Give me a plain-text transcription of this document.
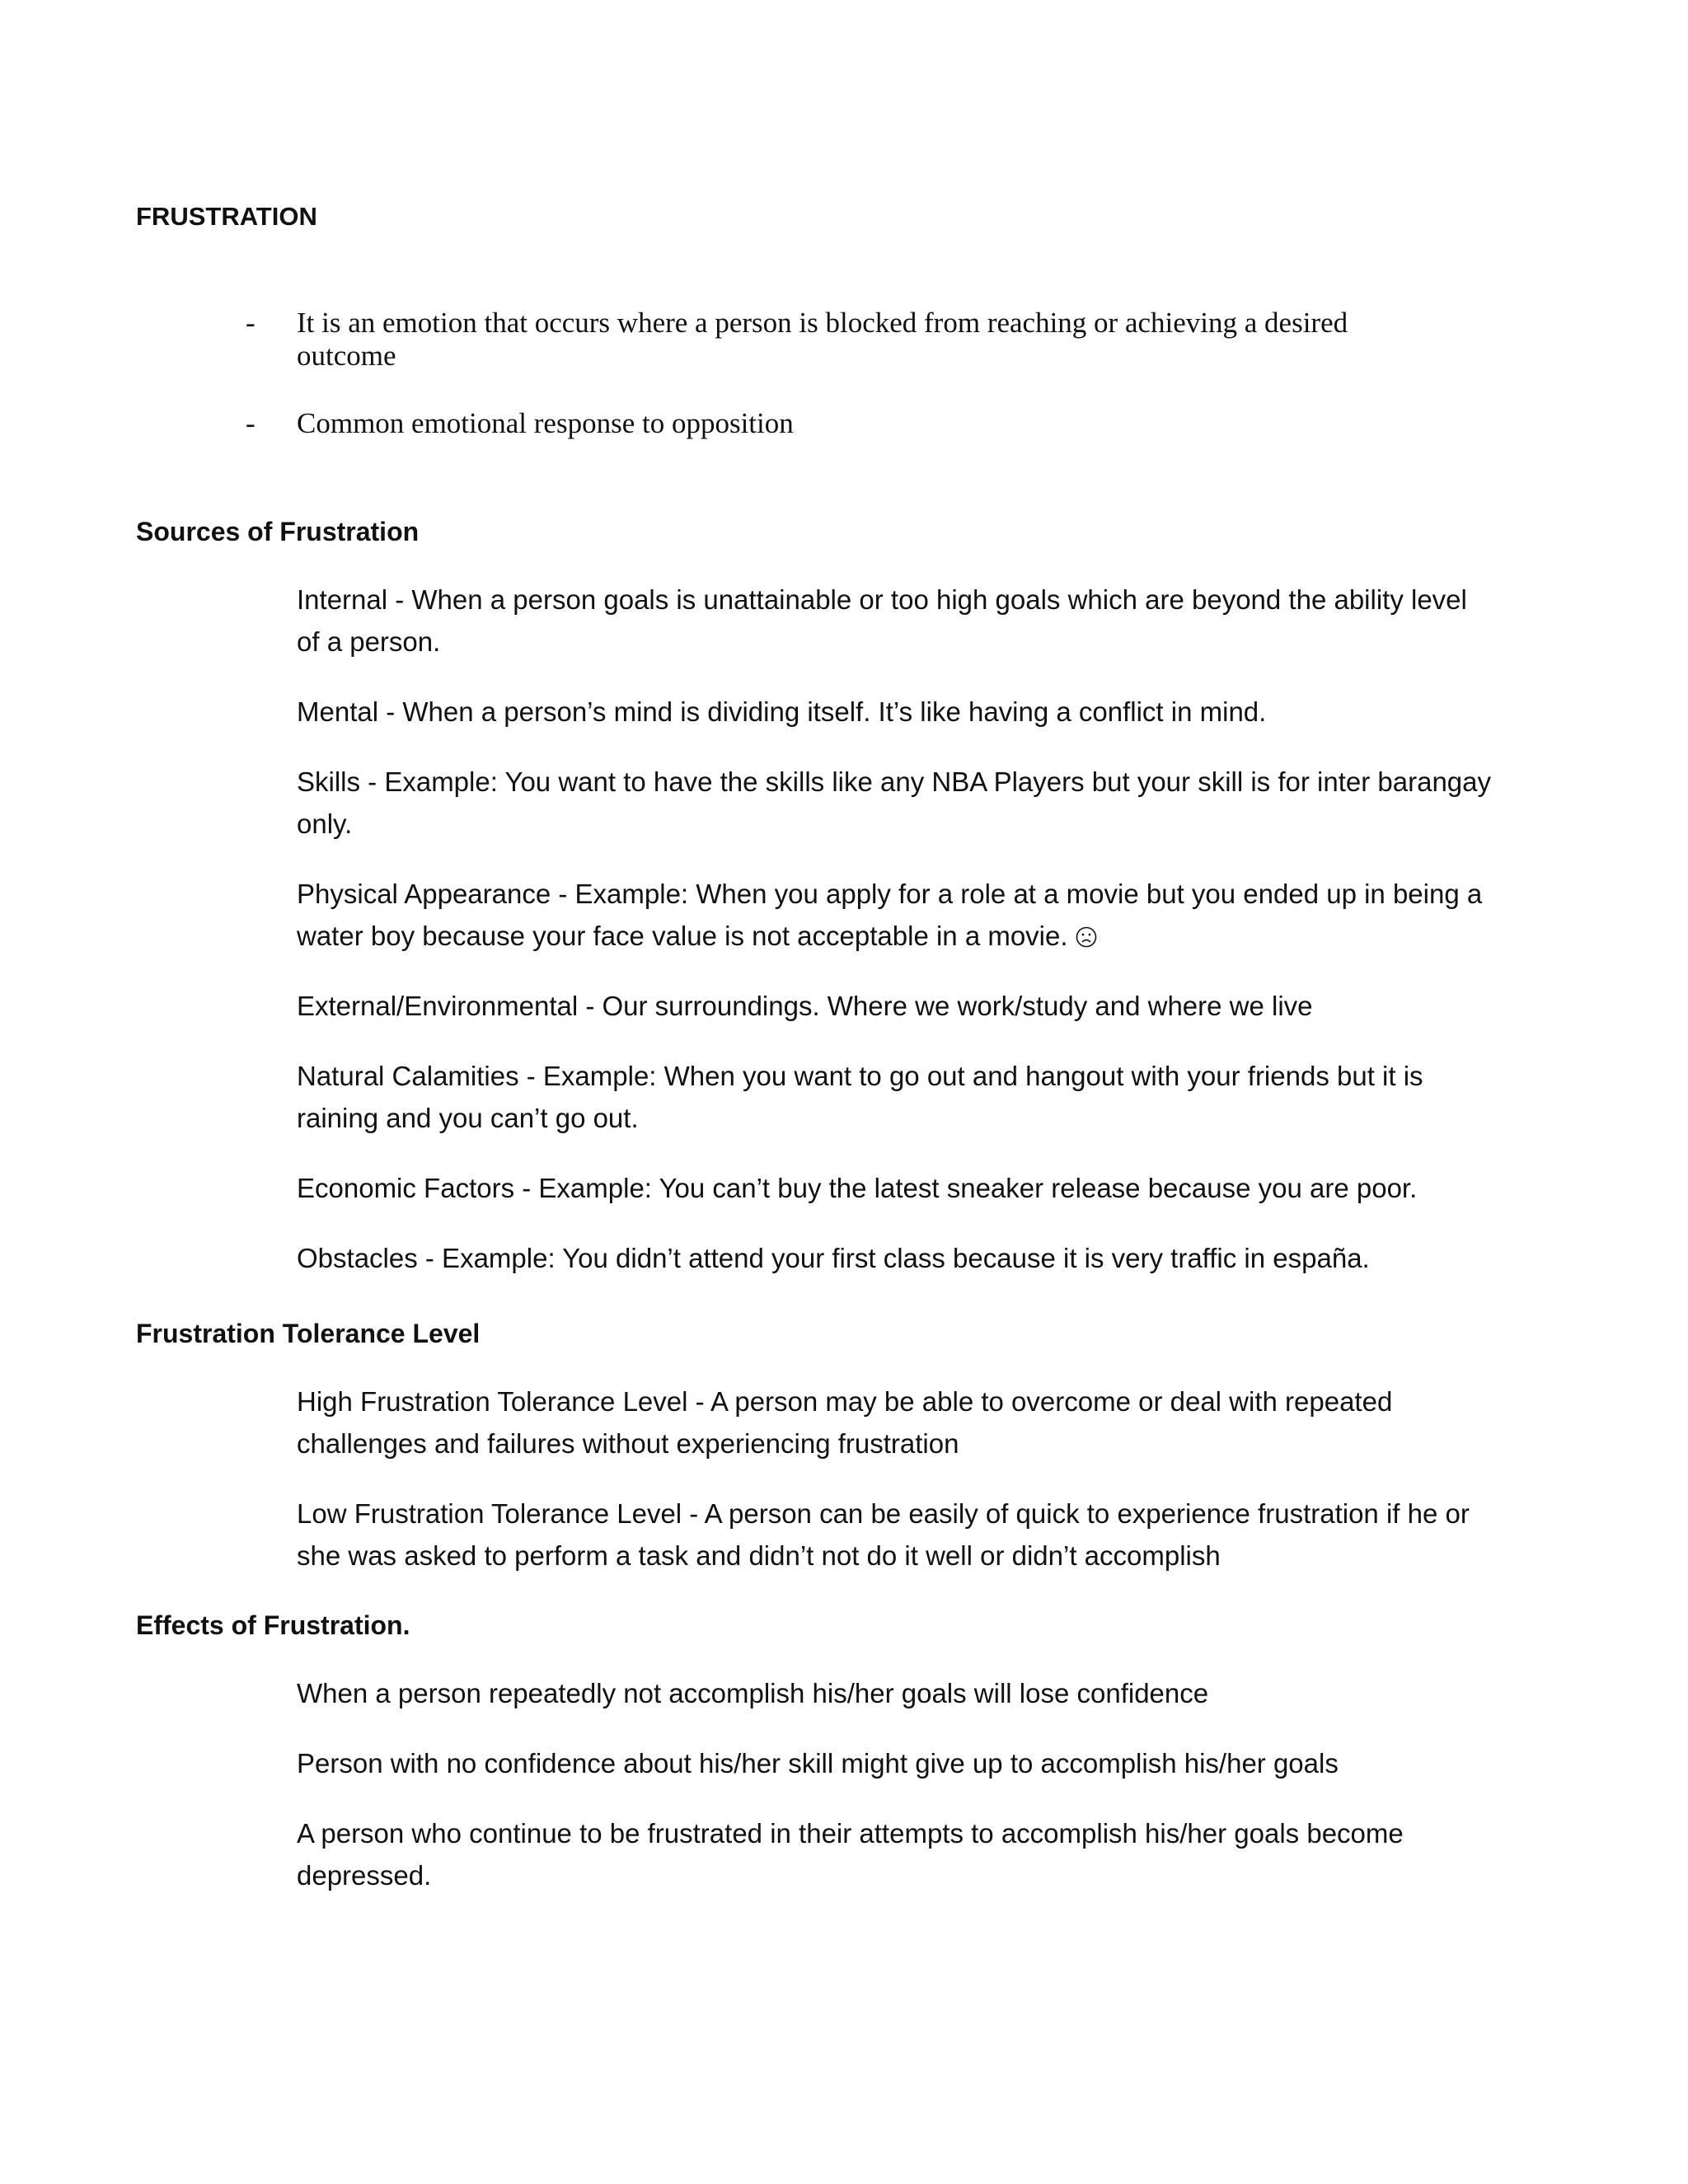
FRUSTRATION
- It is an emotion that occurs where a person is blocked from reaching or achieving a desired outcome
- Common emotional response to opposition
Sources of Frustration

Internal - When a person goals is unattainable or too high goals which are beyond the ability level of a person.

Mental - When a person’s mind is dividing itself. It’s like having a conflict in mind.

Skills - Example: You want to have the skills like any NBA Players but your skill is for inter barangay only.

Physical Appearance - Example: When you apply for a role at a movie but you ended up in being a water boy because your face value is not acceptable in a movie.

External/Environmental - Our surroundings. Where we work/study and where we live

Natural Calamities - Example: When you want to go out and hangout with your friends but it is raining and you can’t go out.

Economic Factors - Example: You can’t buy the latest sneaker release because you are poor.

Obstacles - Example: You didn’t attend your first class because it is very traffic in españa.

Frustration Tolerance Level

High Frustration Tolerance Level - A person may be able to overcome or deal with repeated challenges and failures without experiencing frustration

Low Frustration Tolerance Level - A person can be easily of quick to experience frustration if he or she was asked to perform a task and didn’t not do it well or didn’t accomplish

Effects of Frustration.

When a person repeatedly not accomplish his/her goals will lose confidence

Person with no confidence about his/her skill might give up to accomplish his/her goals

A person who continue to be frustrated in their attempts to accomplish his/her goals become depressed.
